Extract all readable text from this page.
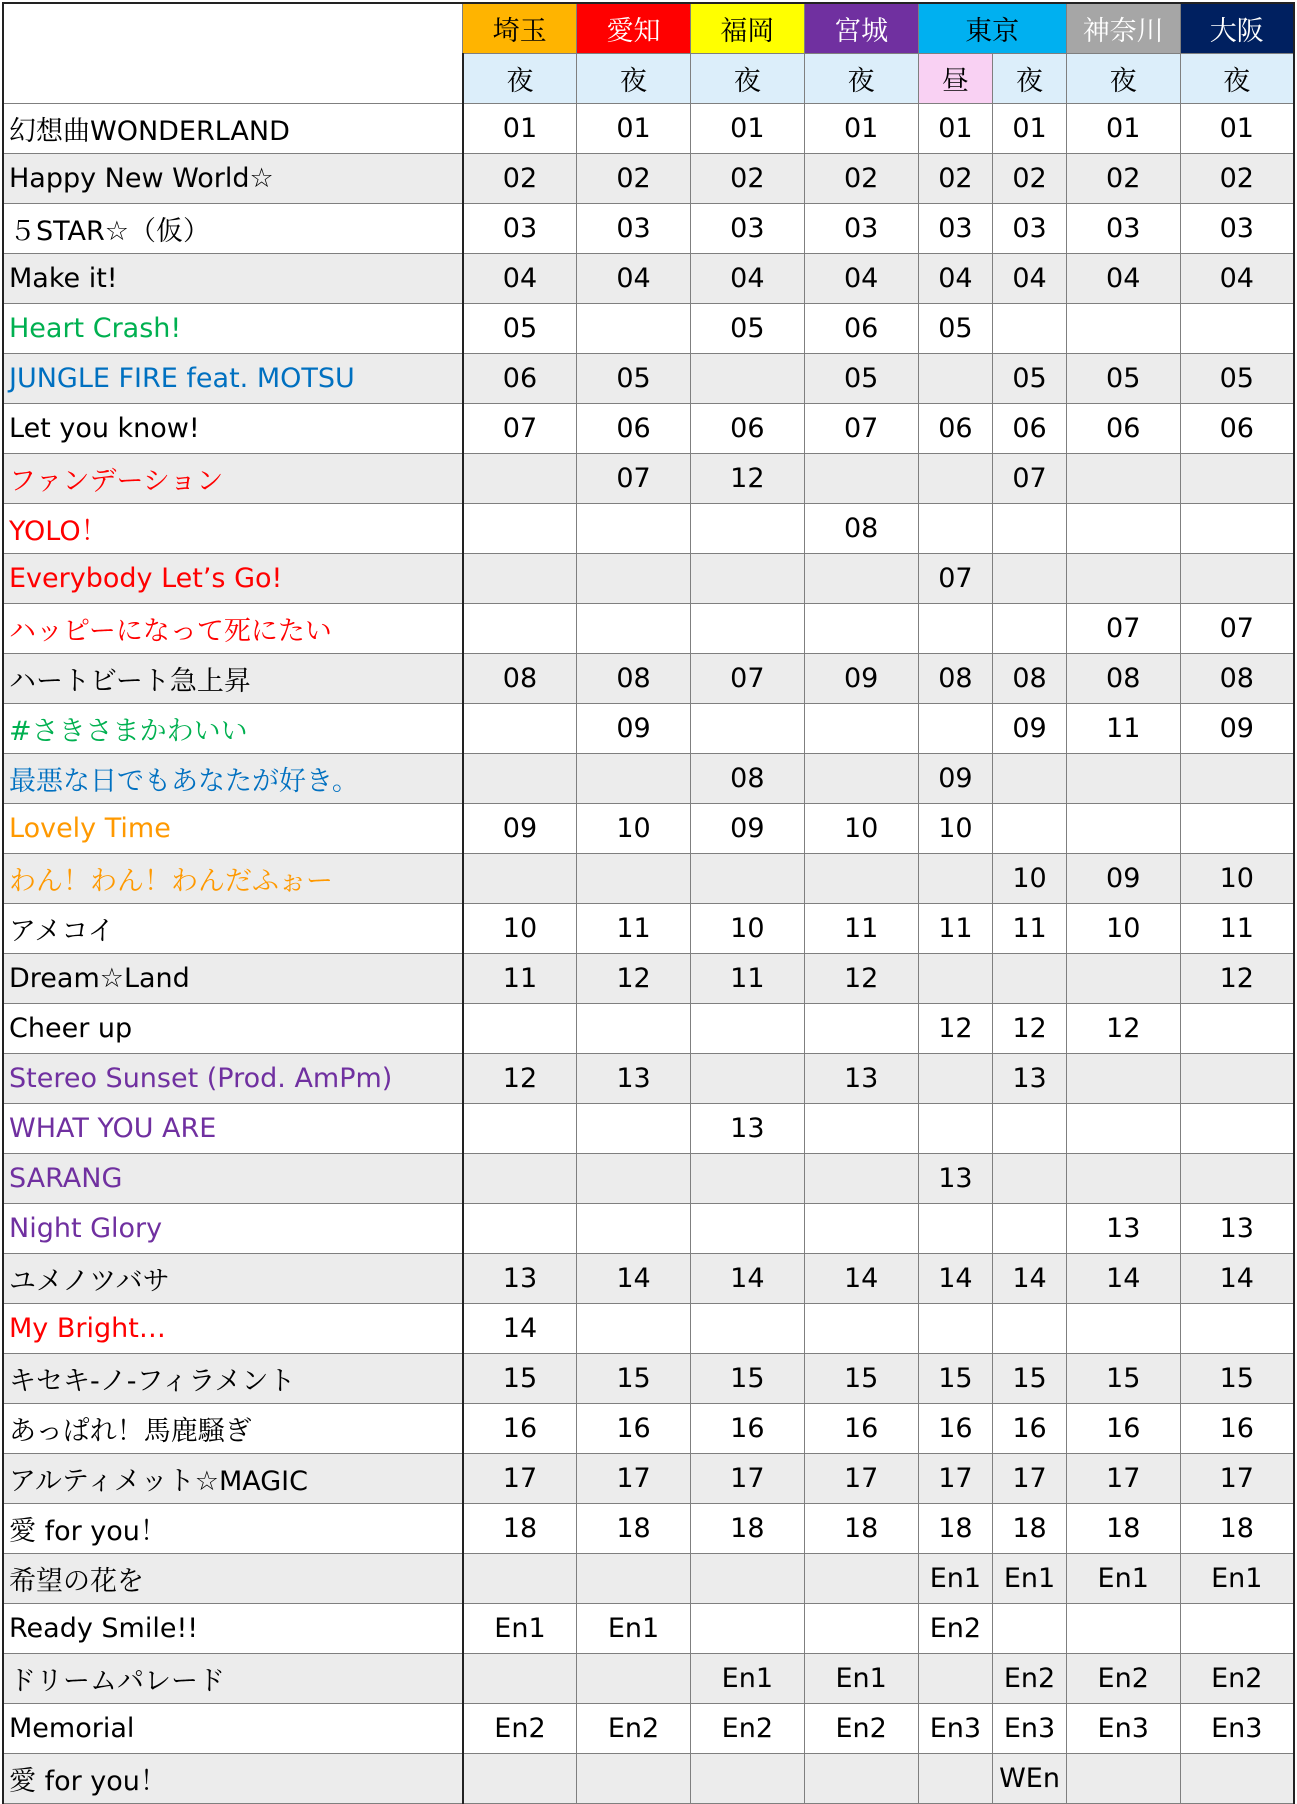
	埼玉	愛知	福岡	宮城	東京		神奈川	大阪
	夜	夜	夜	夜	昼	夜	夜	夜
幻想曲WONDERLAND	01	01	01	01	01	01	01	01
Happy New World☆	02	02	02	02	02	02	02	02
５STAR☆（仮）	03	03	03	03	03	03	03	03
Make it!	04	04	04	04	04	04	04	04
Heart Crash!	05		05	06	05			
JUNGLE FIRE feat. MOTSU	06	05		05		05	05	05
Let you know!	07	06	06	07	06	06	06	06
ファンデーション		07	12			07		
YOLO！				08				
Everybody Let’s Go!					07			
ハッピーになって死にたい							07	07
ハートビート急上昇	08	08	07	09	08	08	08	08
#さきさまかわいい		09				09	11	09
最悪な日でもあなたが好き。			08		09			
Lovely Time	09	10	09	10	10			
わん！わん！わんだふぉー						10	09	10
アメコイ	10	11	10	11	11	11	10	11
Dream☆Land	11	12	11	12				12
Cheer up					12	12	12	
Stereo Sunset (Prod. AmPm)	12	13		13		13		
WHAT YOU ARE			13					
SARANG					13			
Night Glory							13	13
ユメノツバサ	13	14	14	14	14	14	14	14
My Bright…	14							
キセキ-ノ-フィラメント	15	15	15	15	15	15	15	15
あっぱれ！馬鹿騒ぎ	16	16	16	16	16	16	16	16
アルティメット☆MAGIC	17	17	17	17	17	17	17	17
愛 for you！	18	18	18	18	18	18	18	18
希望の花を					En1	En1	En1	En1
Ready Smile!!	En1	En1			En2			
ドリームパレード			En1	En1		En2	En2	En2
Memorial	En2	En2	En2	En2	En3	En3	En3	En3
愛 for you！						WEn		
